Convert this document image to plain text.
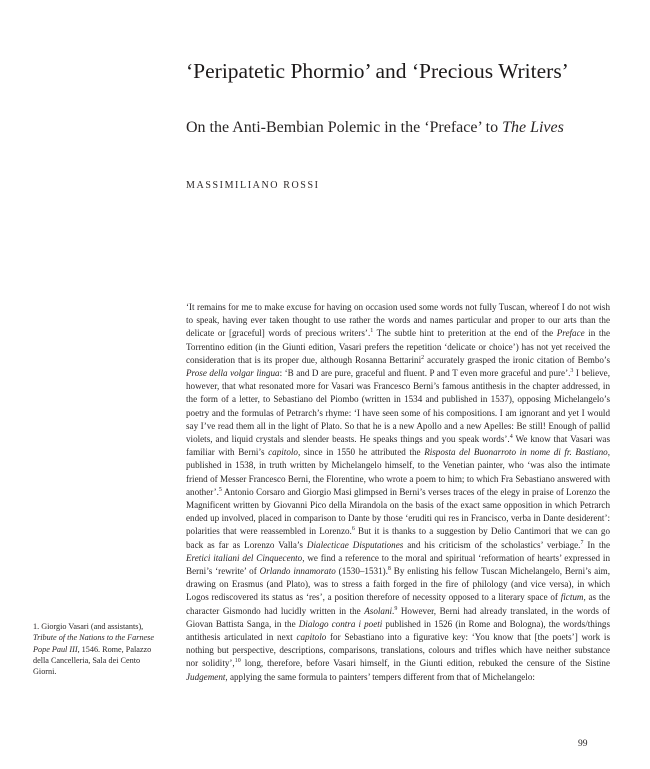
‘Peripatetic Phormio’ and ‘Precious Writers’
On the Anti-Bembian Polemic in the ‘Preface’ to The Lives
MASSIMILIANO ROSSI

‘It remains for me to make excuse for having on occasion used some words not fully Tuscan, whereof I do not wish to speak, having ever taken thought to use rather the words and names particular and proper to our arts than the delicate or [graceful] words of precious writers’.$^1$ The subtle hint to preterition at the end of the Preface in the Torrentino edition (in the Giunti edition, Vasari prefers the repetition ‘delicate or choice’) has not yet received the consideration that is its proper due, although Rosanna Bettarini$^2$ accurately grasped the ironic citation of Bembo’s Prose della volgar lingua: ‘B and D are pure, graceful and fluent. P and T even more graceful and pure’.$^3$ I believe, however, that what resonated more for Vasari was Francesco Berni’s famous antithesis in the chapter addressed, in the form of a letter, to Sebastiano del Piombo (written in 1534 and published in 1537), opposing Michelangelo’s poetry and the formulas of Petrarch’s rhyme: ‘I have seen some of his compositions. I am ignorant and yet I would say I’ve read them all in the light of Plato. So that he is a new Apollo and a new Apelles: Be still! Enough of pallid violets, and liquid crystals and slender beasts. He speaks things and you speak words’.$^4$ We know that Vasari was familiar with Berni’s capitolo, since in 1550 he attributed the Risposta del Buonarroto in nome di fr. Bastiano, published in 1538, in truth written by Michelangelo himself, to the Venetian painter, who ‘was also the intimate friend of Messer Francesco Berni, the Florentine, who wrote a poem to him; to which Fra Sebastiano answered with another’.$^5$ Antonio Corsaro and Giorgio Masi glimpsed in Berni’s verses traces of the elegy in praise of Lorenzo the Magnificent written by Giovanni Pico della Mirandola on the basis of the exact same opposition in which Petrarch ended up involved, placed in comparison to Dante by those ‘eruditi qui res in Francisco, verba in Dante desiderent’: polarities that were reassembled in Lorenzo.$^6$ But it is thanks to a suggestion by Delio Cantimori that we can go back as far as Lorenzo Valla’s Dialecticae Disputationes and his criticism of the scholastics’ verbiage.$^7$ In the Eretici italiani del Cinquecento, we find a reference to the moral and spiritual ‘reformation of hearts’ expressed in Berni’s ‘rewrite’ of Orlando innamorato (1530–1531).$^8$ By enlisting his fellow Tuscan Michelangelo, Berni’s aim, drawing on Erasmus (and Plato), was to stress a faith forged in the fire of philology (and vice versa), in which Logos rediscovered its status as ‘res’, a position therefore of necessity opposed to a literary space of fictum, as the character Gismondo had lucidly written in the Asolani.$^9$ However, Berni had already translated, in the words of Giovan Battista Sanga, in the Dialogo contra i poeti published in 1526 (in Rome and Bologna), the words/things antithesis articulated in next capitolo for Sebastiano into a figurative key: ‘You know that [the poets’] work is nothing but perspective, descriptions, comparisons, translations, colours and trifles which have neither substance nor solidity’,$^{10}$ long, therefore, before Vasari himself, in the Giunti edition, rebuked the censure of the Sistine Judgement, applying the same formula to painters’ tempers different from that of Michelangelo:

1. Giorgio Vasari (and assistants), Tribute of the Nations to the Farnese Pope Paul III, 1546. Rome, Palazzo della Cancelleria, Sala dei Cento Giorni.
99
